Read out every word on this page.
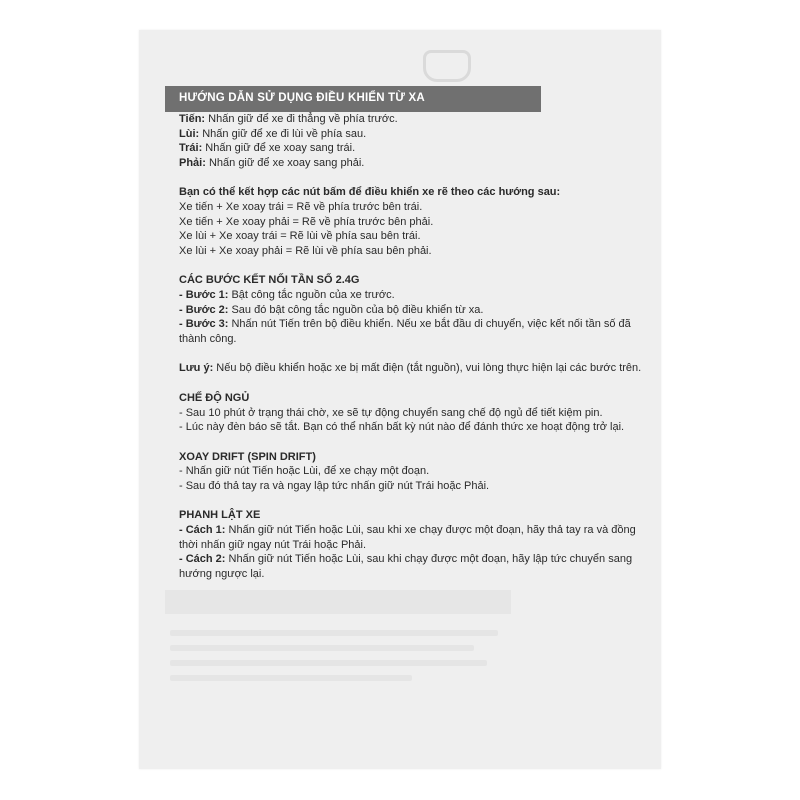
HƯỚNG DẪN SỬ DỤNG ĐIỀU KHIỂN TỪ XA

Tiến: Nhấn giữ để xe đi thẳng về phía trước.

Lùi: Nhấn giữ để xe đi lùi về phía sau.

Trái: Nhấn giữ để xe xoay sang trái.

Phải: Nhấn giữ để xe xoay sang phải.

Bạn có thể kết hợp các nút bấm để điều khiển xe rẽ theo các hướng sau:

Xe tiến + Xe xoay trái = Rẽ về phía trước bên trái.

Xe tiến + Xe xoay phải = Rẽ về phía trước bên phải.

Xe lùi + Xe xoay trái = Rẽ lùi về phía sau bên trái.

Xe lùi + Xe xoay phải = Rẽ lùi về phía sau bên phải.

CÁC BƯỚC KẾT NỐI TẦN SỐ 2.4G

- Bước 1: Bật công tắc nguồn của xe trước.

- Bước 2: Sau đó bật công tắc nguồn của bộ điều khiển từ xa.

- Bước 3: Nhấn nút Tiến trên bộ điều khiển. Nếu xe bắt đầu di chuyển, việc kết nối tần số đã thành công.

Lưu ý: Nếu bộ điều khiển hoặc xe bị mất điện (tắt nguồn), vui lòng thực hiện lại các bước trên.

CHẾ ĐỘ NGỦ

- Sau 10 phút ở trạng thái chờ, xe sẽ tự động chuyển sang chế độ ngủ để tiết kiệm pin.

- Lúc này đèn báo sẽ tắt. Bạn có thể nhấn bất kỳ nút nào để đánh thức xe hoạt động trở lại.

XOAY DRIFT (SPIN DRIFT)

- Nhấn giữ nút Tiến hoặc Lùi, để xe chạy một đoạn.

- Sau đó thả tay ra và ngay lập tức nhấn giữ nút Trái hoặc Phải.

PHANH LẬT XE

- Cách 1: Nhấn giữ nút Tiến hoặc Lùi, sau khi xe chạy được một đoạn, hãy thả tay ra và đồng thời nhấn giữ ngay nút Trái hoặc Phải.

- Cách 2: Nhấn giữ nút Tiến hoặc Lùi, sau khi chạy được một đoạn, hãy lập tức chuyển sang hướng ngược lại.
